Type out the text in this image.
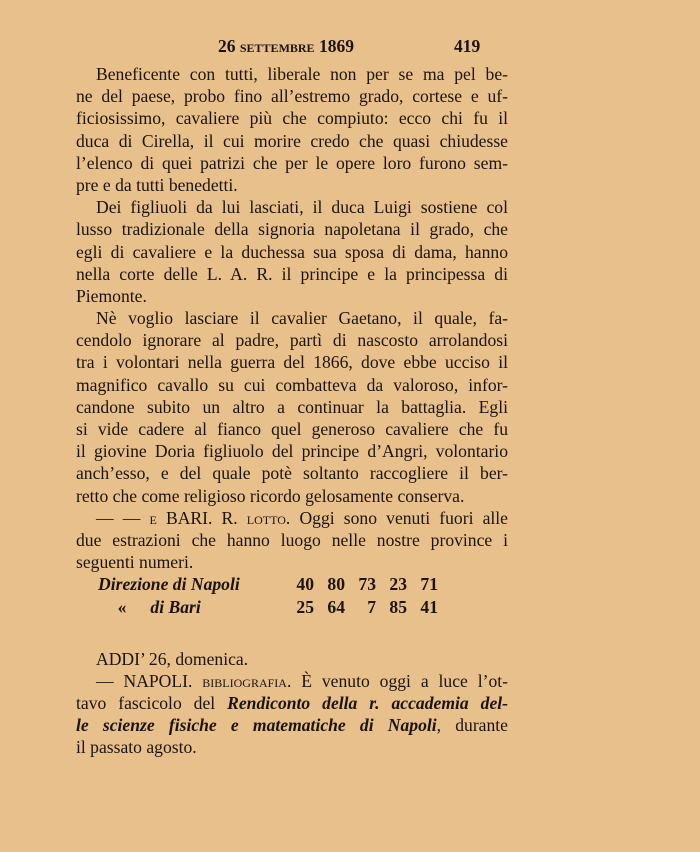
26 settembre 1869	419
Beneficente con tutti, liberale non per se ma pel be-
ne del paese, probo fino all’estremo grado, cortese e uf-
ficiosissimo, cavaliere più che compiuto: ecco chi fu il
duca di Cirella, il cui morire credo che quasi chiudesse
l’elenco di quei patrizi che per le opere loro furono sem-
pre e da tutti benedetti.
Dei figliuoli da lui lasciati, il duca Luigi sostiene col
lusso tradizionale della signoria napoletana il grado, che
egli di cavaliere e la duchessa sua sposa di dama, hanno
nella corte delle L. A. R. il principe e la principessa di
Piemonte.
Nè voglio lasciare il cavalier Gaetano, il quale, fa-
cendolo ignorare al padre, partì di nascosto arrolandosi
tra i volontari nella guerra del 1866, dove ebbe ucciso il
magnifico cavallo su cui combatteva da valoroso, infor-
candone subito un altro a continuar la battaglia. Egli
si vide cadere al fianco quel generoso cavaliere che fu
il giovine Doria figliuolo del principe d’Angri, volontario
anch’esso, e del quale potè soltanto raccogliere il ber-
retto che come religioso ricordo gelosamente conserva.
— — e BARI. R. lotto. Oggi sono venuti fuori alle
due estrazioni che hanno luogo nelle nostre province i
seguenti numeri.
Direzione di Napoli	40 80 73 23 71
« di Bari	25 64	7 85 41
ADDI’ 26, domenica.
— NAPOLI. bibliografia. È venuto oggi a luce l’ot-
tavo fascicolo del Rendiconto della r. accademia del-
le scienze fisiche e matematiche di Napoli, durante
il passato agosto.
